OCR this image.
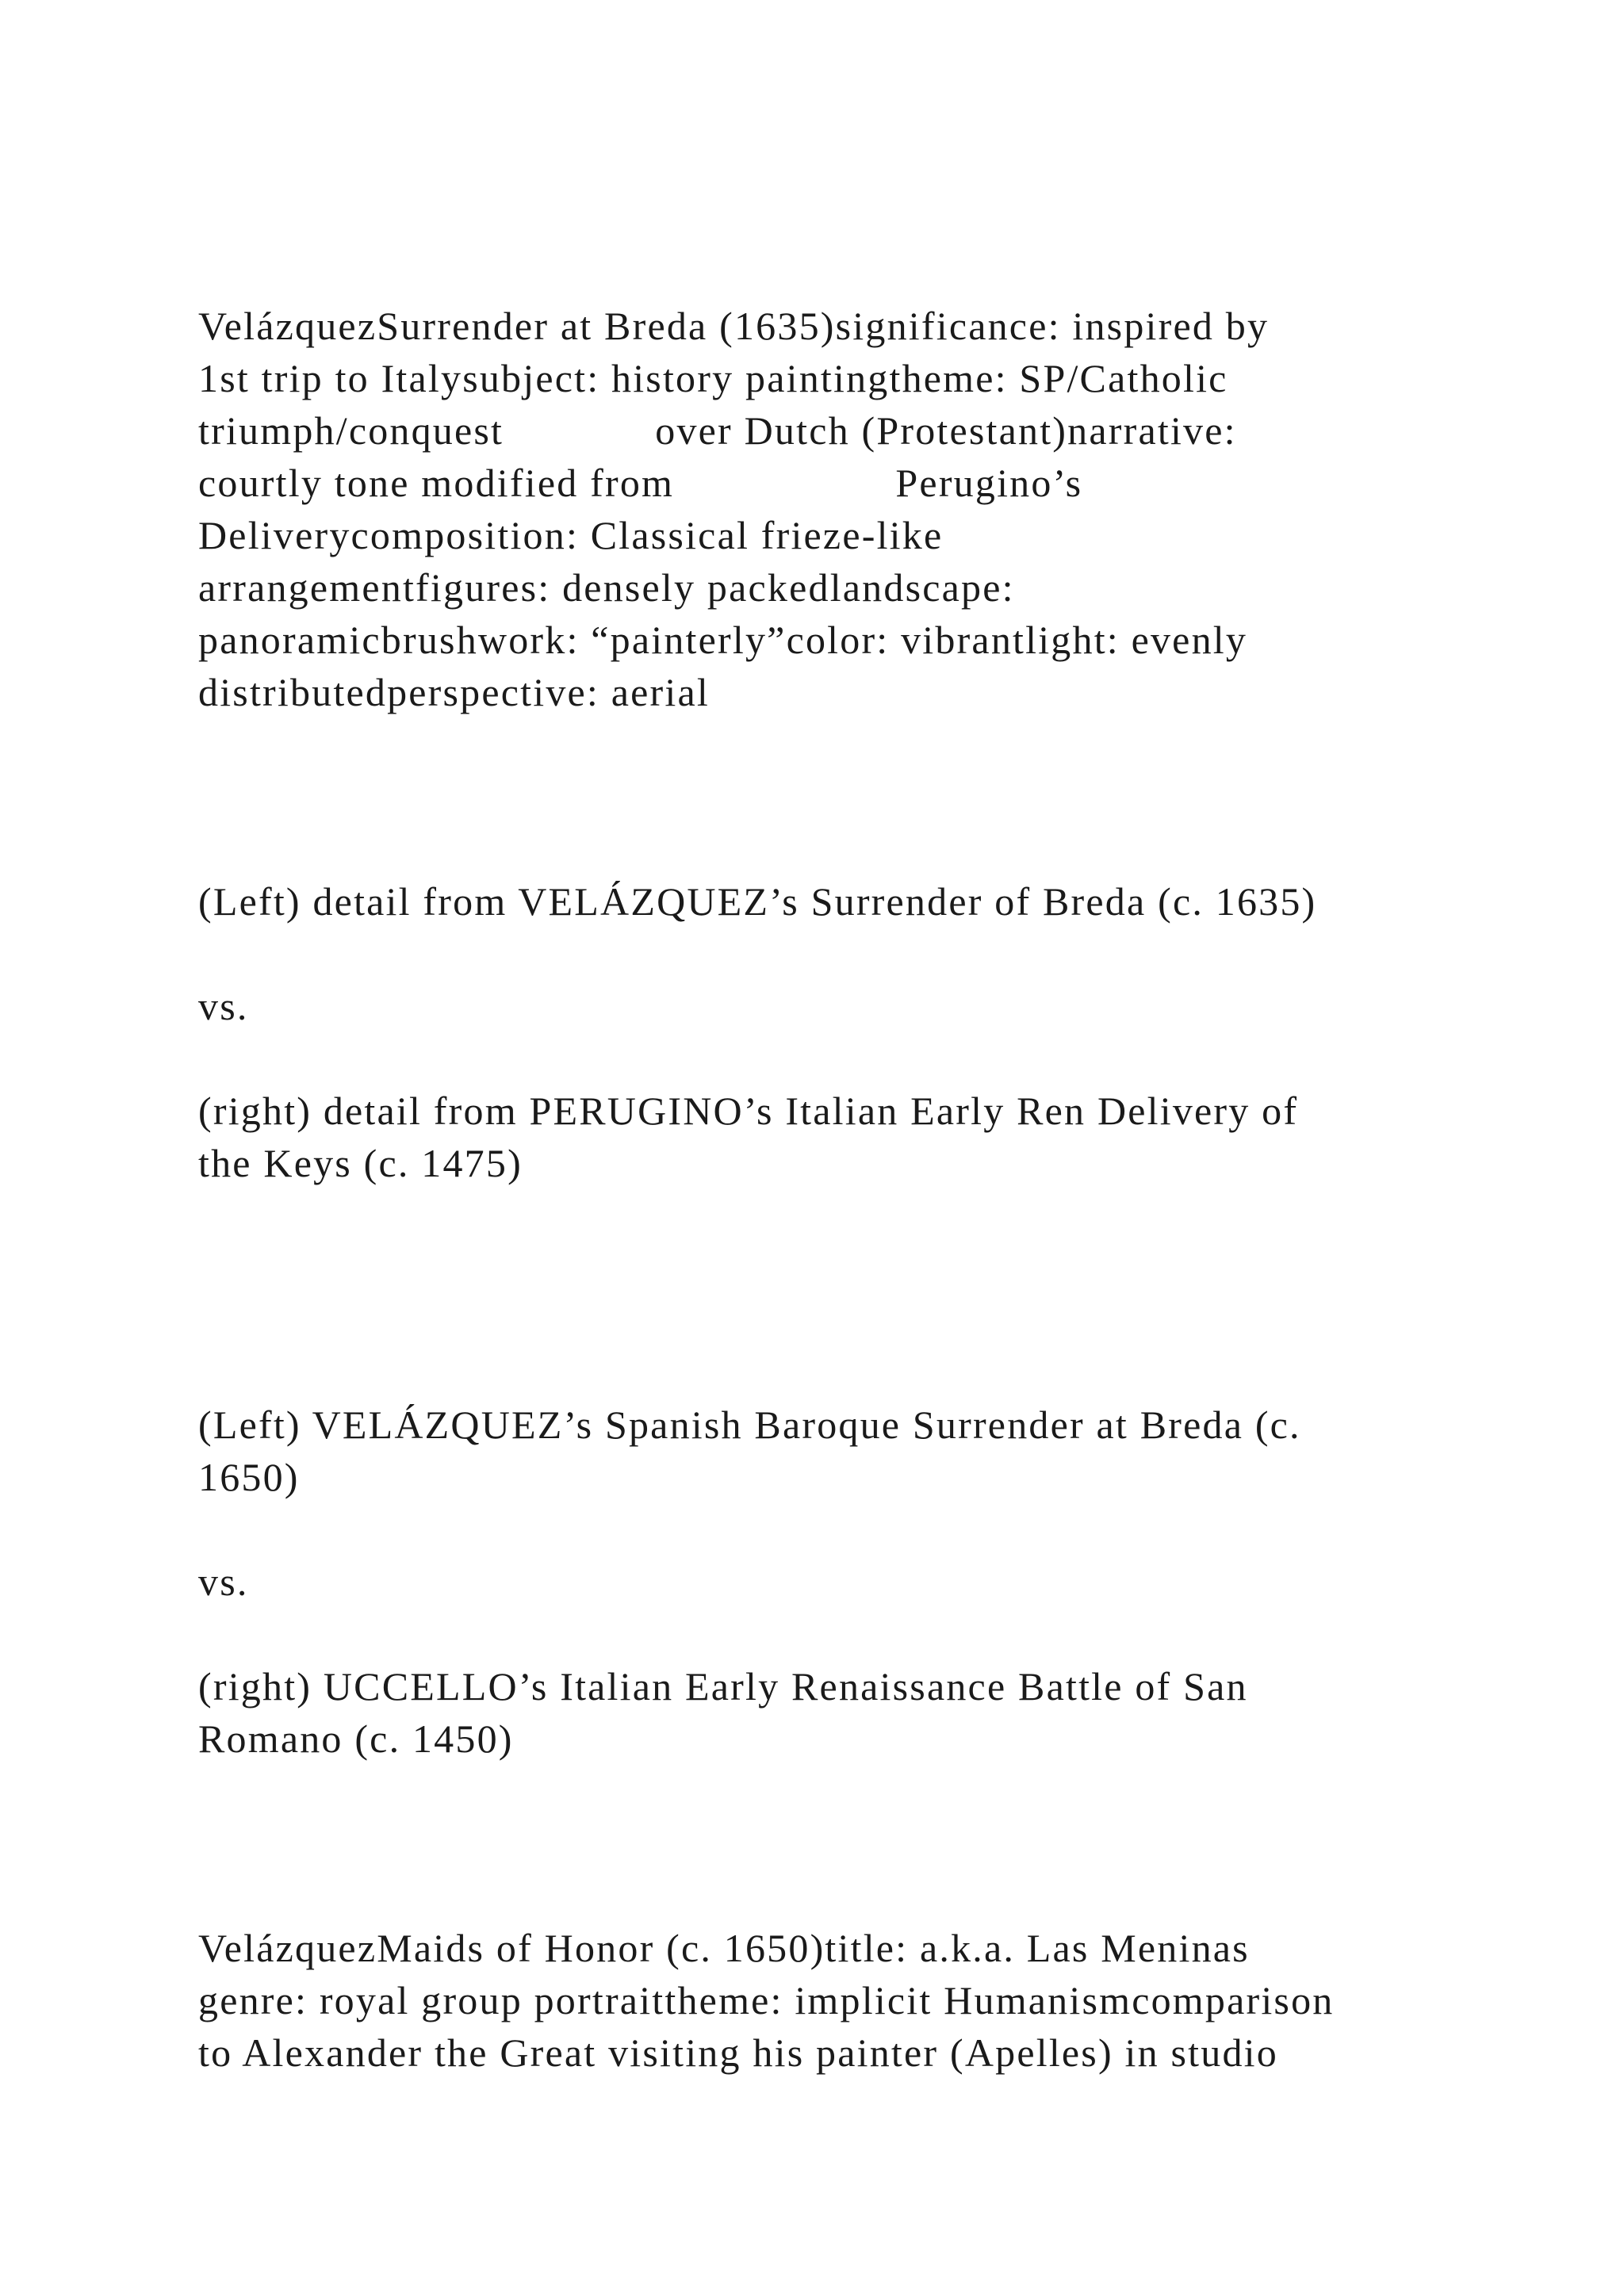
VelázquezSurrender at Breda (1635)significance: inspired by
1st trip to Italysubject: history paintingtheme: SP/Catholic
triumph/conquest             over Dutch (Protestant)narrative:
courtly tone modified from                   Perugino’s
Deliverycomposition: Classical frieze-like
arrangementfigures: densely packedlandscape:
panoramicbrushwork: “painterly”color: vibrantlight: evenly
distributedperspective: aerial
(Left) detail from VELÁZQUEZ’s Surrender of Breda (c. 1635)
vs.
(right) detail from PERUGINO’s Italian Early Ren Delivery of
the Keys (c. 1475)
(Left) VELÁZQUEZ’s Spanish Baroque Surrender at Breda (c.
1650)
vs.
(right) UCCELLO’s Italian Early Renaissance Battle of San
Romano (c. 1450)
VelázquezMaids of Honor (c. 1650)title: a.k.a. Las Meninas
genre: royal group portraittheme: implicit Humanismcomparison
to Alexander the Great visiting his painter (Apelles) in studio
